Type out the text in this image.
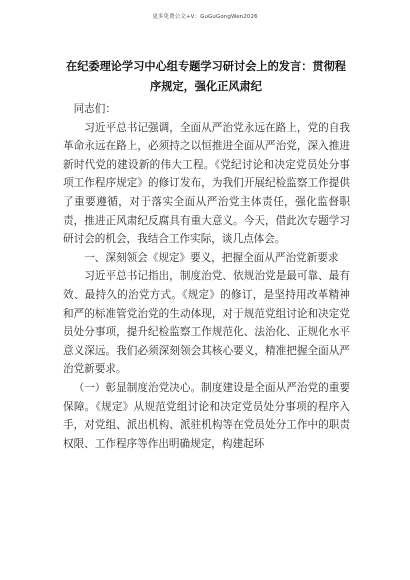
更多免费公文+V：GuGuGongWen2026
在纪委理论学习中心组专题学习研讨会上的发言：贯彻程序规定，强化正风肃纪

同志们：

习近平总书记强调，全面从严治党永远在路上，党的自我革命永远在路上，必须持之以恒推进全面从严治党，深入推进新时代党的建设新的伟大工程。《党纪讨论和决定党员处分事项工作程序规定》的修订发布，为我们开展纪检监察工作提供了重要遵循，对于落实全面从严治党主体责任，强化监督职责，推进正风肃纪反腐具有重大意义。今天，借此次专题学习研讨会的机会，我结合工作实际，谈几点体会。

一、深刻领会《规定》要义，把握全面从严治党新要求

习近平总书记指出，制度治党、依规治党是最可靠、最有效、最持久的治党方式。《规定》的修订，是坚持用改革精神和严的标准管党治党的生动体现，对于规范党组讨论和决定党员处分事项，提升纪检监察工作规范化、法治化、正规化水平意义深远。我们必须深刻领会其核心要义，精准把握全面从严治党新要求。

（一）彰显制度治党决心。制度建设是全面从严治党的重要保障。《规定》从规范党组讨论和决定党员处分事项的程序入手，对党组、派出机构、派驻机构等在党员处分工作中的职责权限、工作程序等作出明确规定，构建起环
